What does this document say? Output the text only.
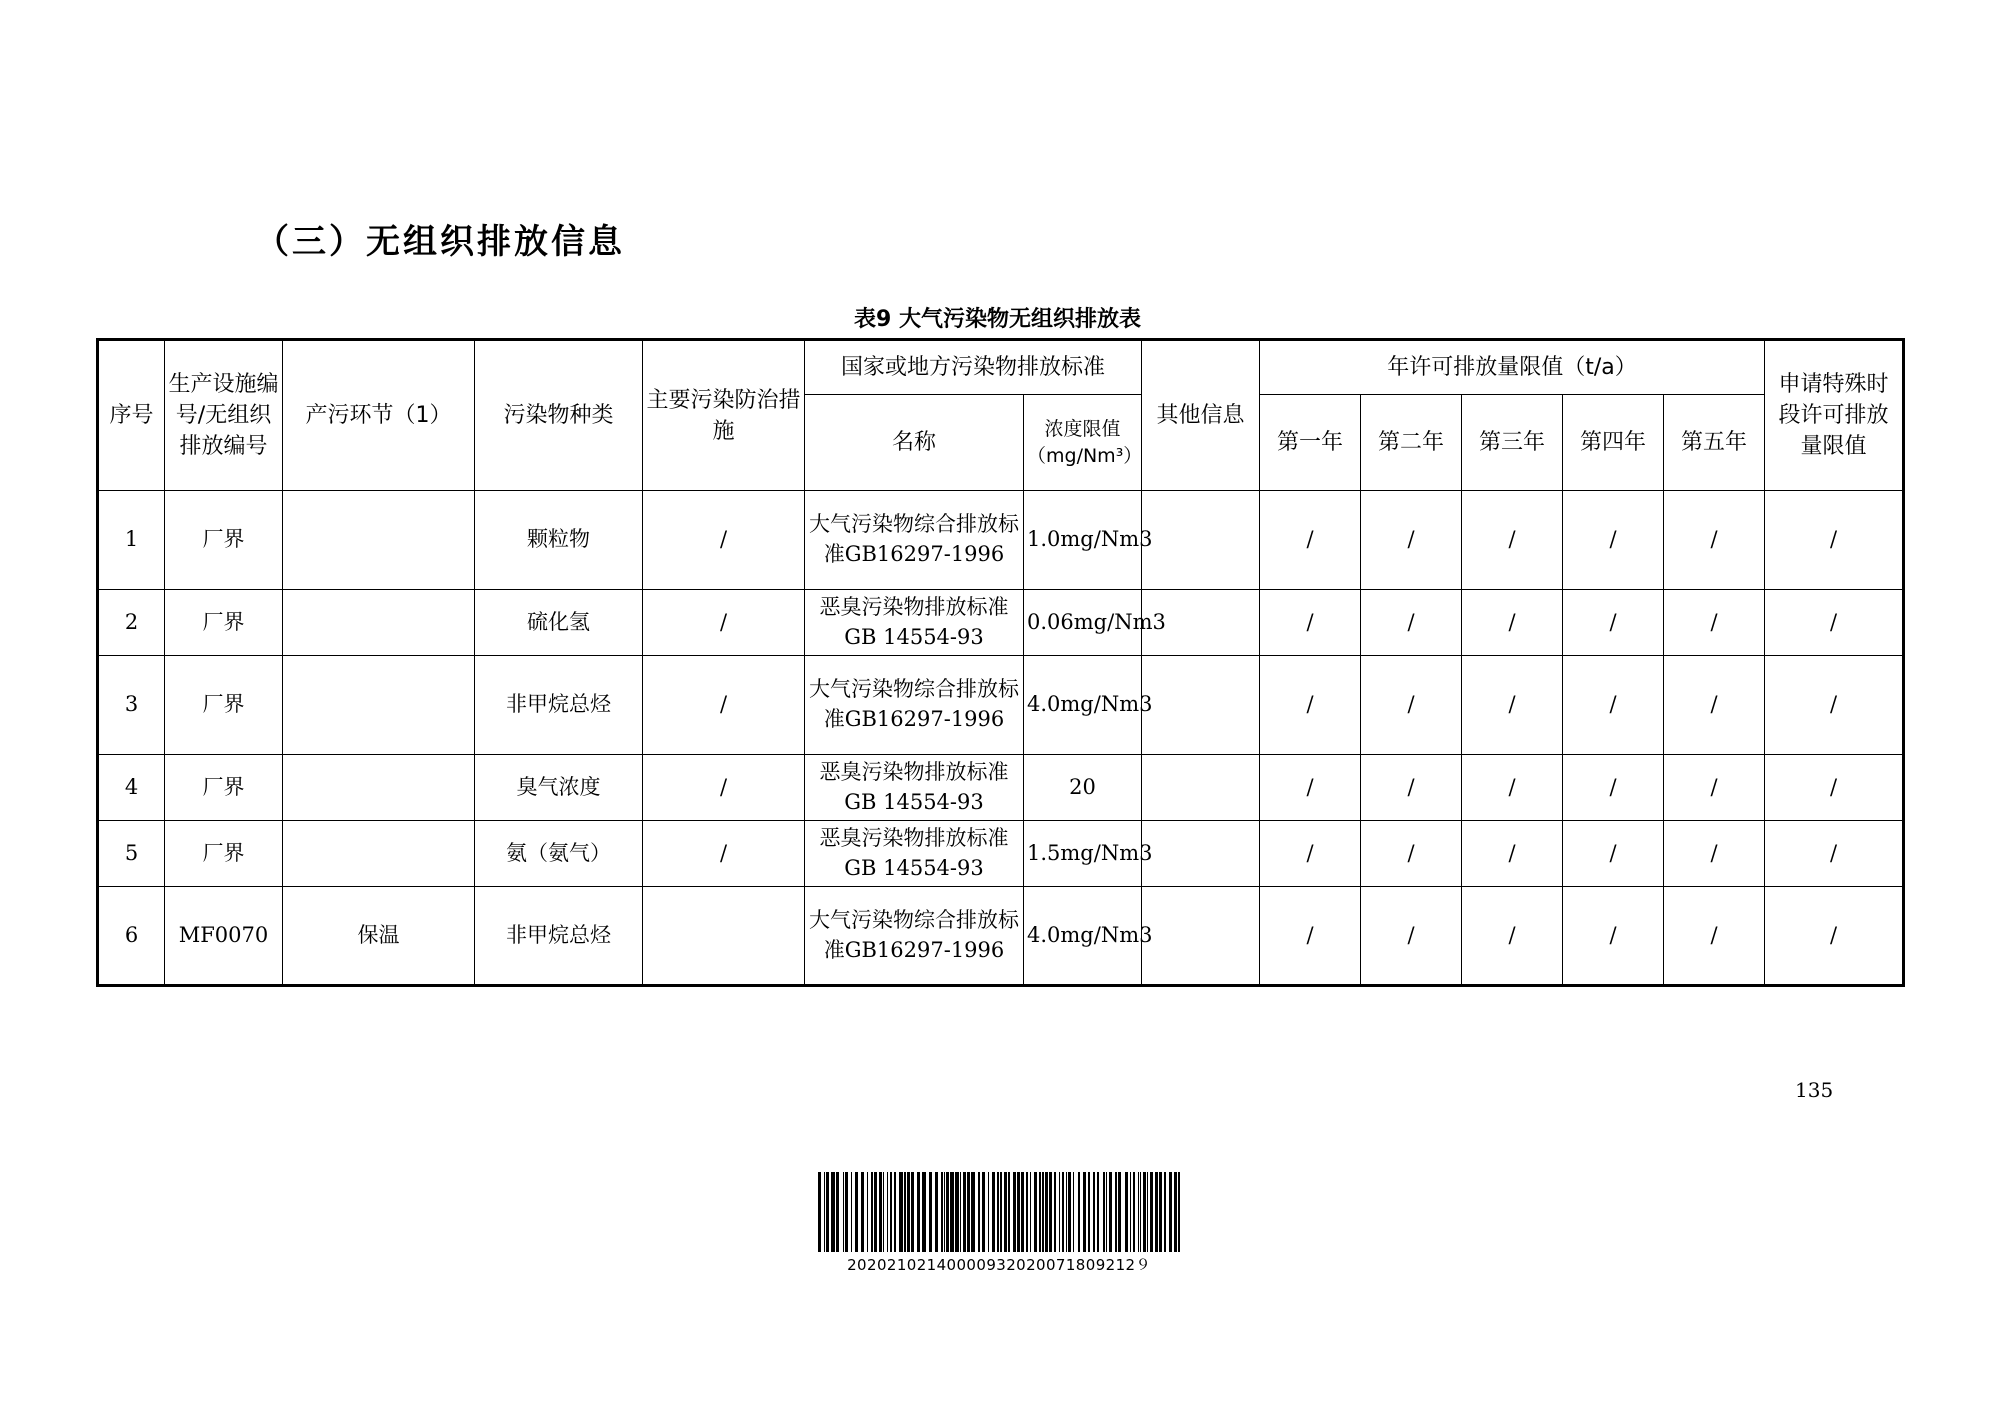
（三）无组织排放信息
表9 大气污染物无组织排放表
序号	生产设施编号/无组织排放编号	产污环节（1）	污染物种类	主要污染防治措施	国家或地方污染物排放标准		其他信息	年许可排放量限值（t/a）					申请特殊时段许可排放量限值
					名称	浓度限值（mg/Nm³）		第一年	第二年	第三年	第四年	第五年	
1	厂界		颗粒物	/	大气污染物综合排放标准GB16297-1996	1.0mg/Nm3		/	/	/	/	/	/
2	厂界		硫化氢	/	恶臭污染物排放标准GB 14554-93	0.06mg/Nm3		/	/	/	/	/	/
3	厂界		非甲烷总烃	/	大气污染物综合排放标准GB16297-1996	4.0mg/Nm3		/	/	/	/	/	/
4	厂界		臭气浓度	/	恶臭污染物排放标准GB 14554-93	20		/	/	/	/	/	/
5	厂界		氨（氨气）	/	恶臭污染物排放标准GB 14554-93	1.5mg/Nm3		/	/	/	/	/	/
6	MF0070	保温	非甲烷总烃		大气污染物综合排放标准GB16297-1996	4.0mg/Nm3		/	/	/	/	/	/
135
20202102140000932020071809212９
